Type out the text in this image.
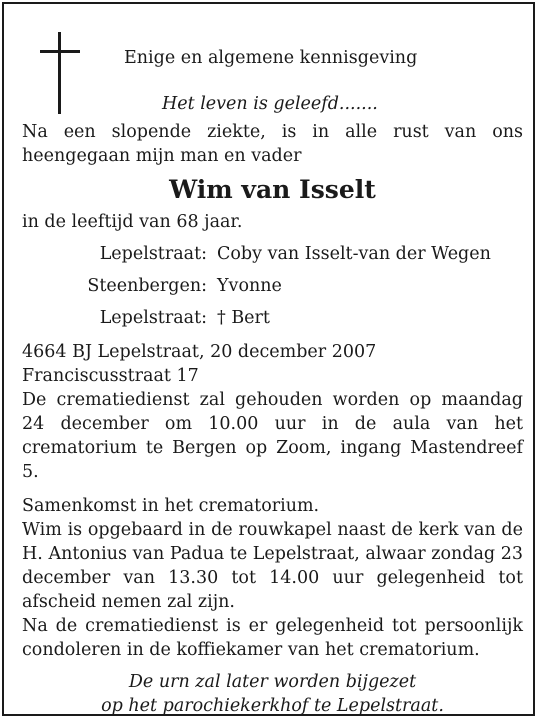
Enige en algemene kennisgeving
Het leven is geleefd.......

Na een slopende ziekte, is in alle rust van ons heengegaan mijn man en vader

Wim van Isselt

in de leeftijd van 68 jaar.

Lepelstraat: Coby van Isselt-van der Wegen
Steenbergen: Yvonne
Lepelstraat: † Bert

4664 BJ Lepelstraat, 20 december 2007

Franciscusstraat 17

De crematiedienst zal gehouden worden op maandag 24 december om 10.00 uur in de aula van het crematorium te Bergen op Zoom, ingang Mastendreef 5.

Samenkomst in het crematorium.

Wim is opgebaard in de rouwkapel naast de kerk van de H. Antonius van Padua te Lepelstraat, alwaar zondag 23 december van 13.30 tot 14.00 uur gelegenheid tot afscheid nemen zal zijn.

Na de crematiedienst is er gelegenheid tot persoonlijk condoleren in de koffiekamer van het crematorium.

De urn zal later worden bijgezet

op het parochiekerkhof te Lepelstraat.
